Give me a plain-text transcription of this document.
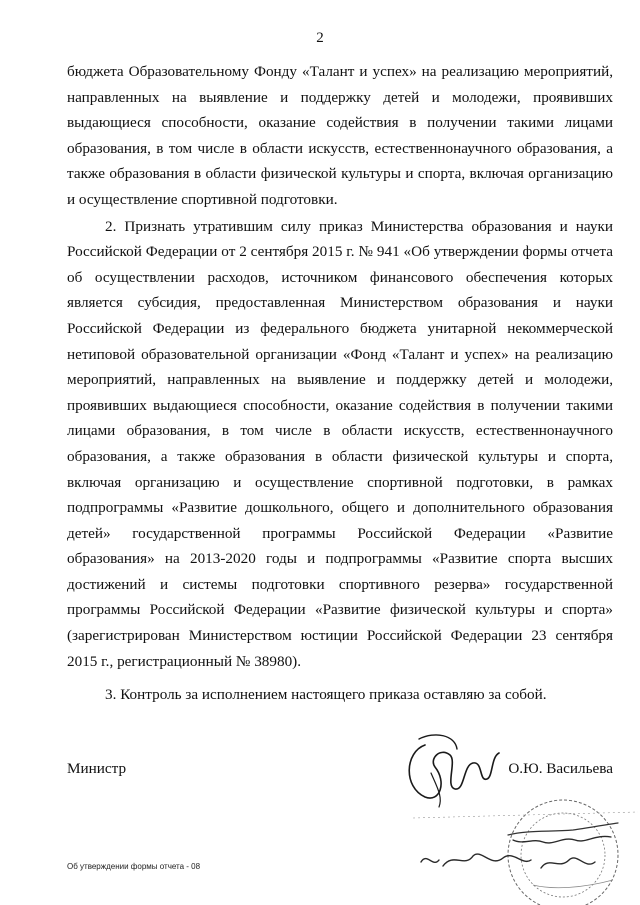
2

бюджета Образовательному Фонду «Талант и успех» на реализацию мероприятий, направленных на выявление и поддержку детей и молодежи, проявивших выдающиеся способности, оказание содействия в получении такими лицами образования, в том числе в области искусств, естественнонаучного образования, а также образования в области физической культуры и спорта, включая организацию и осуществление спортивной подготовки.

2. Признать утратившим силу приказ Министерства образования и науки Российской Федерации от 2 сентября 2015 г. № 941 «Об утверждении формы отчета об осуществлении расходов, источником финансового обеспечения которых является субсидия, предоставленная Министерством образования и науки Российской Федерации из федерального бюджета унитарной некоммерческой нетиповой образовательной организации «Фонд «Талант и успех» на реализацию мероприятий, направленных на выявление и поддержку детей и молодежи, проявивших выдающиеся способности, оказание содействия в получении такими лицами образования, в том числе в области искусств, естественнонаучного образования, а также образования в области физической культуры и спорта, включая организацию и осуществление спортивной подготовки, в рамках подпрограммы «Развитие дошкольного, общего и дополнительного образования детей» государственной программы Российской Федерации «Развитие образования» на 2013-2020 годы и подпрограммы «Развитие спорта высших достижений и системы подготовки спортивного резерва» государственной программы Российской Федерации «Развитие физической культуры и спорта» (зарегистрирован Министерством юстиции Российской Федерации 23 сентября 2015 г., регистрационный № 38980).

3. Контроль за исполнением настоящего приказа оставляю за собой.

Министр	О.Ю. Васильева
Об утверждении формы отчета - 08
